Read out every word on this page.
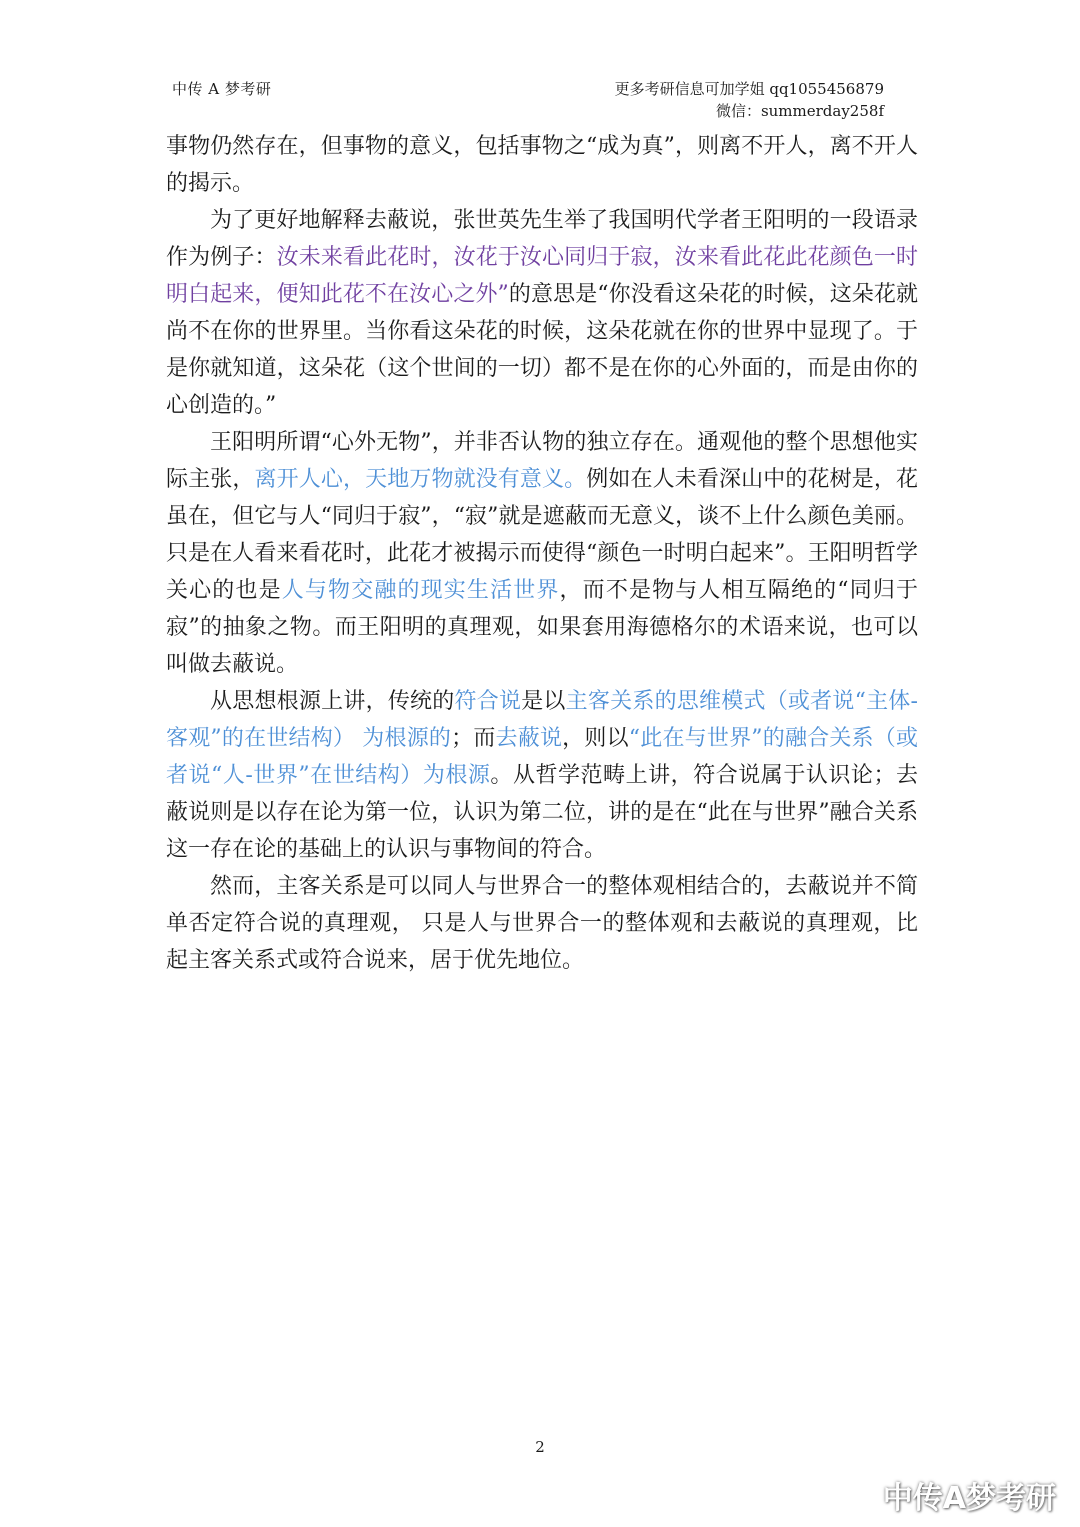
中传 A 梦考研	更多考研信息可加学姐 qq1055456879
微信：summerday258f

事物仍然存在，但事物的意义，包括事物之“成为真”，则离不开人，离不开人的揭示。

为了更好地解释去蔽说，张世英先生举了我国明代学者王阳明的一段语录作为例子：汝未来看此花时，汝花于汝心同归于寂，汝来看此花此花颜色一时明白起来，便知此花不在汝心之外”的意思是“你没看这朵花的时候，这朵花就尚不在你的世界里。当你看这朵花的时候，这朵花就在你的世界中显现了。于是你就知道，这朵花（这个世间的一切）都不是在你的心外面的，而是由你的心创造的。”

王阳明所谓“心外无物”，并非否认物的独立存在。通观他的整个思想他实际主张，离开人心，天地万物就没有意义。例如在人未看深山中的花树是，花虽在，但它与人“同归于寂”，“寂”就是遮蔽而无意义，谈不上什么颜色美丽。只是在人看来看花时，此花才被揭示而使得“颜色一时明白起来”。王阳明哲学关心的也是人与物交融的现实生活世界，而不是物与人相互隔绝的“同归于寂”的抽象之物。而王阳明的真理观，如果套用海德格尔的术语来说，也可以叫做去蔽说。

从思想根源上讲，传统的符合说是以主客关系的思维模式（或者说“主体-客观”的在世结构） 为根源的；而去蔽说，则以“此在与世界”的融合关系（或者说“人-世界”在世结构）为根源。从哲学范畴上讲，符合说属于认识论；去蔽说则是以存在论为第一位，认识为第二位，讲的是在“此在与世界”融合关系这一存在论的基础上的认识与事物间的符合。

然而，主客关系是可以同人与世界合一的整体观相结合的，去蔽说并不简单否定符合说的真理观， 只是人与世界合一的整体观和去蔽说的真理观，比起主客关系式或符合说来，居于优先地位。

2
中传A梦考研
